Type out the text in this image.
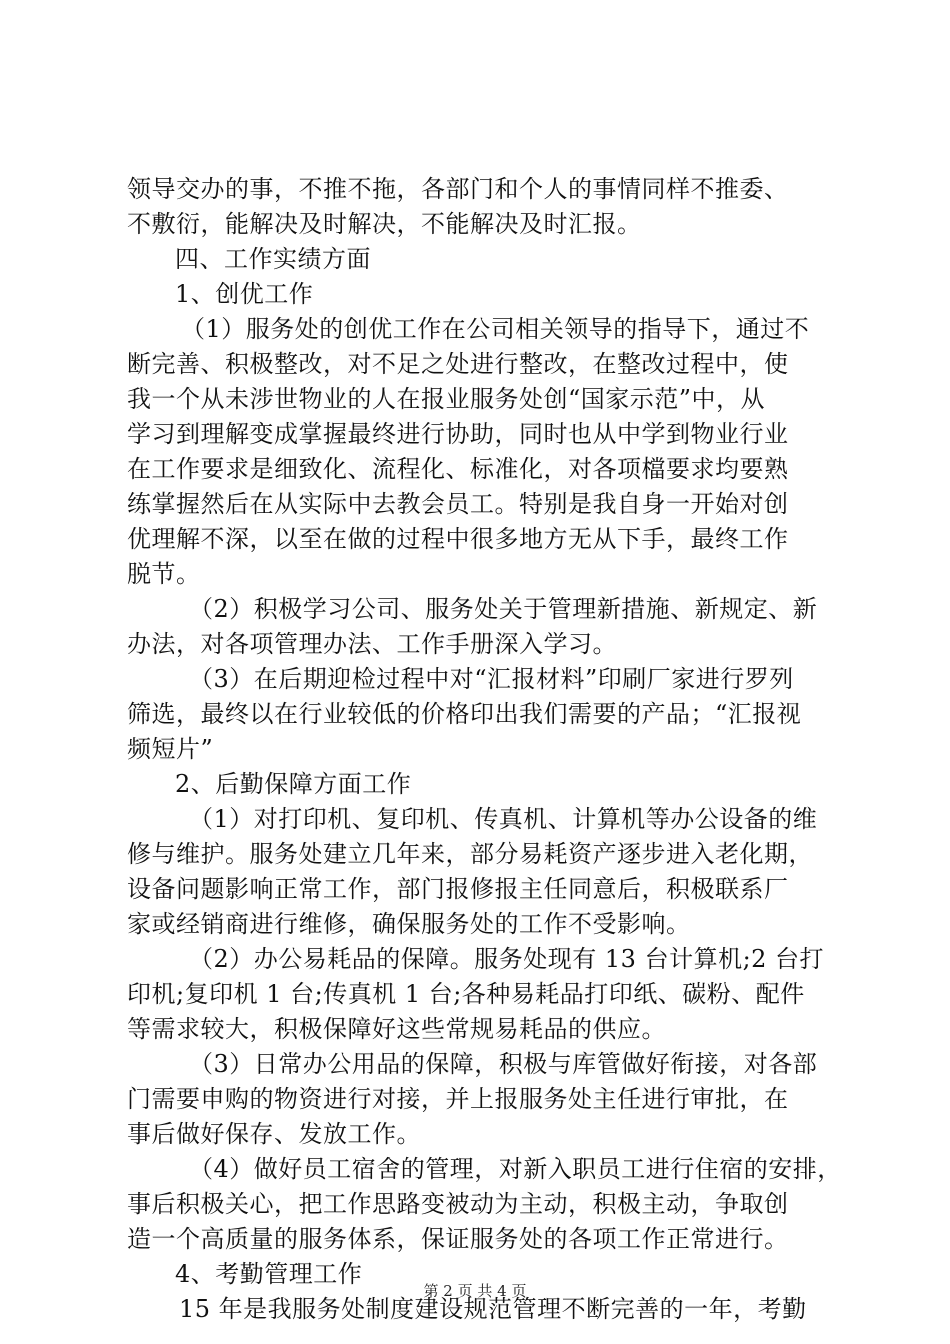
领导交办的事，不推不拖，各部门和个人的事情同样不推委、
不敷衍，能解决及时解决，不能解决及时汇报。
四、工作实绩方面
1、创优工作
（1）服务处的创优工作在公司相关领导的指导下，通过不
断完善、积极整改，对不足之处进行整改，在整改过程中，使
我一个从未涉世物业的人在报业服务处创“国家示范”中，从
学习到理解变成掌握最终进行协助，同时也从中学到物业行业
在工作要求是细致化、流程化、标准化，对各项檔要求均要熟
练掌握然后在从实际中去教会员工。特别是我自身一开始对创
优理解不深，以至在做的过程中很多地方无从下手，最终工作
脱节。
（2）积极学习公司、服务处关于管理新措施、新规定、新
办法，对各项管理办法、工作手册深入学习。
（3）在后期迎检过程中对“汇报材料”印刷厂家进行罗列
筛选，最终以在行业较低的价格印出我们需要的产品；“汇报视
频短片”
2、后勤保障方面工作
（1）对打印机、复印机、传真机、计算机等办公设备的维
修与维护。服务处建立几年来，部分易耗资产逐步进入老化期，
设备问题影响正常工作，部门报修报主任同意后，积极联系厂
家或经销商进行维修，确保服务处的工作不受影响。
（2）办公易耗品的保障。服务处现有 13 台计算机;2 台打
印机;复印机 1 台;传真机 1 台;各种易耗品打印纸、碳粉、配件
等需求较大，积极保障好这些常规易耗品的供应。
（3）日常办公用品的保障，积极与库管做好衔接，对各部
门需要申购的物资进行对接，并上报服务处主任进行审批，在
事后做好保存、发放工作。
（4）做好员工宿舍的管理，对新入职员工进行住宿的安排，
事后积极关心，把工作思路变被动为主动，积极主动，争取创
造一个高质量的服务体系，保证服务处的各项工作正常进行。
4、考勤管理工作
15 年是我服务处制度建设规范管理不断完善的一年，考勤
第 2 页 共 4 页
